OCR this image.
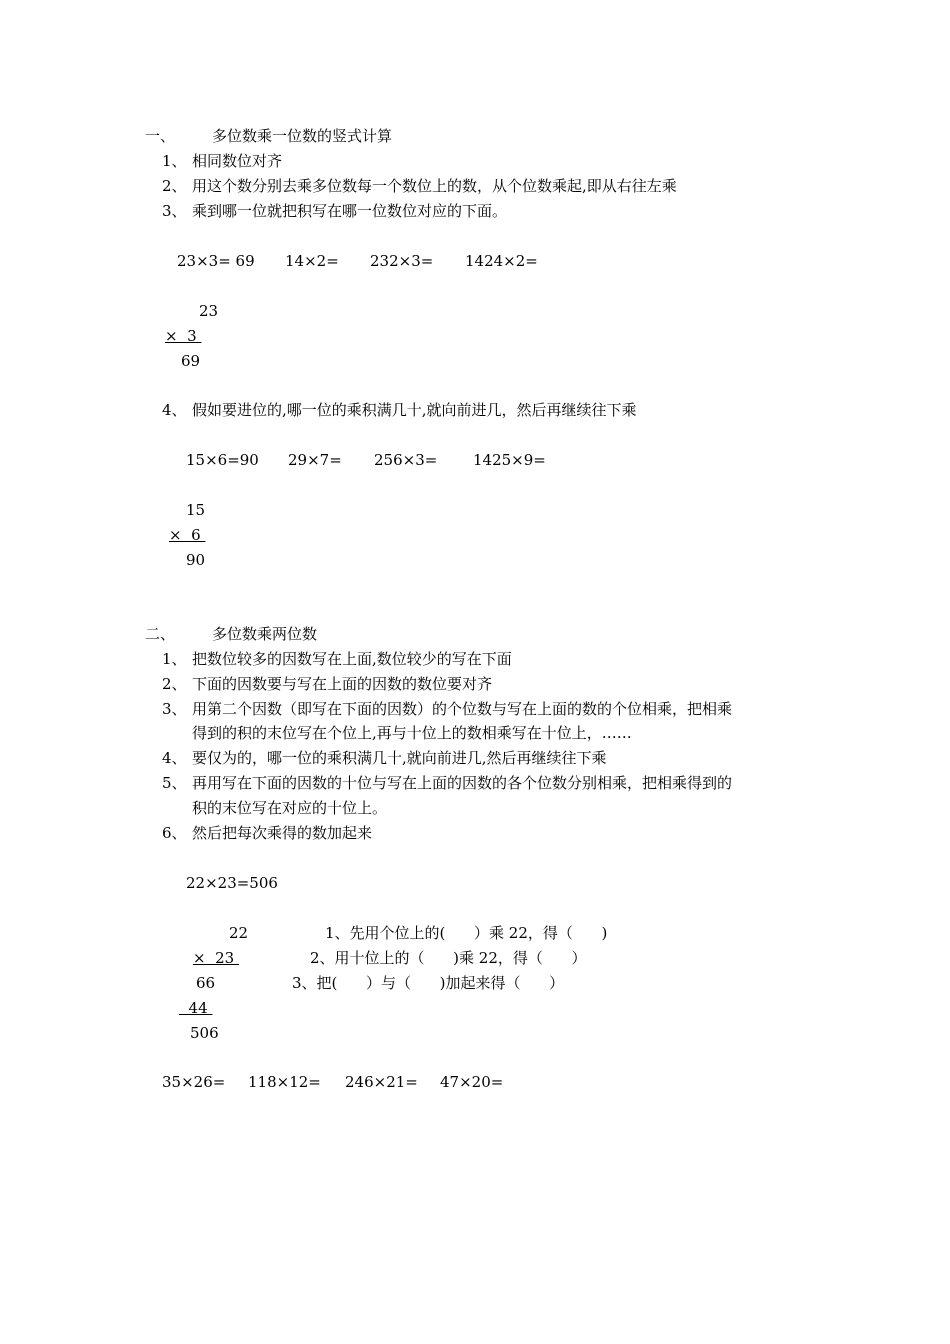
一、 多位数乘一位数的竖式计算
1、 相同数位对齐
2、 用这个数分别去乘多位数每一个数位上的数，从个位数乘起,即从右往左乘
3、 乘到哪一位就把积写在哪一位数位对应的下面。
23×3= 69 14×2= 232×3= 1424×2=
23
×  3
69
4、 假如要进位的,哪一位的乘积满几十,就向前进几，然后再继续往下乘
15×6=90 29×7= 256×3= 1425×9=
15
×  6
90
二、 多位数乘两位数
1、 把数位较多的因数写在上面,数位较少的写在下面
2、 下面的因数要与写在上面的因数的数位要对齐
3、 用第二个因数（即写在下面的因数）的个位数与写在上面的数的个位相乘，把相乘
得到的积的末位写在个位上,再与十位上的数相乘写在十位上，……
4、 要仅为的，哪一位的乘积满几十,就向前进几,然后再继续往下乘
5、 再用写在下面的因数的十位与写在上面的因数的各个位数分别相乘，把相乘得到的
积的末位写在对应的十位上。
6、 然后把每次乘得的数加起来
22×23=506
22
×  23
66
44
506
1、先用个位上的(      ）乘 22，得（      )
2、用十位上的（      )乘 22，得（      ）
3、把(      ）与（      )加起来得（      ）
35×26= 118×12= 246×21= 47×20=
